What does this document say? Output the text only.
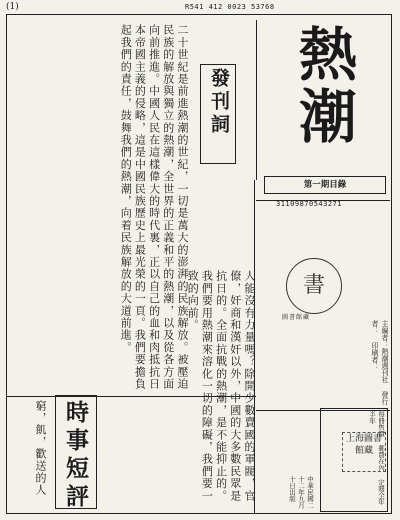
(1)	R541 412 0023 53768
熱潮
第一期目錄
31109870543271
書
圖書館藏
發刊詞
二十世紀是前進熱潮的世紀，一切是萬大的澎湃的民族解放。被壓迫民族的解放與獨立的熱潮，全世界的正義和平的熱潮，以及從各方面向前推進。中國人民在這樣偉大的時代裏，正以自己的血和肉抵抗日本帝國主義的侵略，這是中國民族歷史上最光榮的一頁。我們要擔負起我們的責任，鼓舞我們的熱潮，向着民族解放的大道前進。
時事短評	人能沒有力量嗎？除開少數賣國的軍閥，官僚，奸商和漢奸以外，中國的大多數民眾是抗日的。全面抗戰的熱潮，是不能抑止的。我們要用熱潮來溶化一切的障礙，我們要一致的向前。
窮，飢，歡送的人
主編者：熱潮週刊社 發行者： 印刷者：
每冊售價 郵費在內 定閱全年 半年
上海圖書館藏
中華民國二十二年九月十日出版
